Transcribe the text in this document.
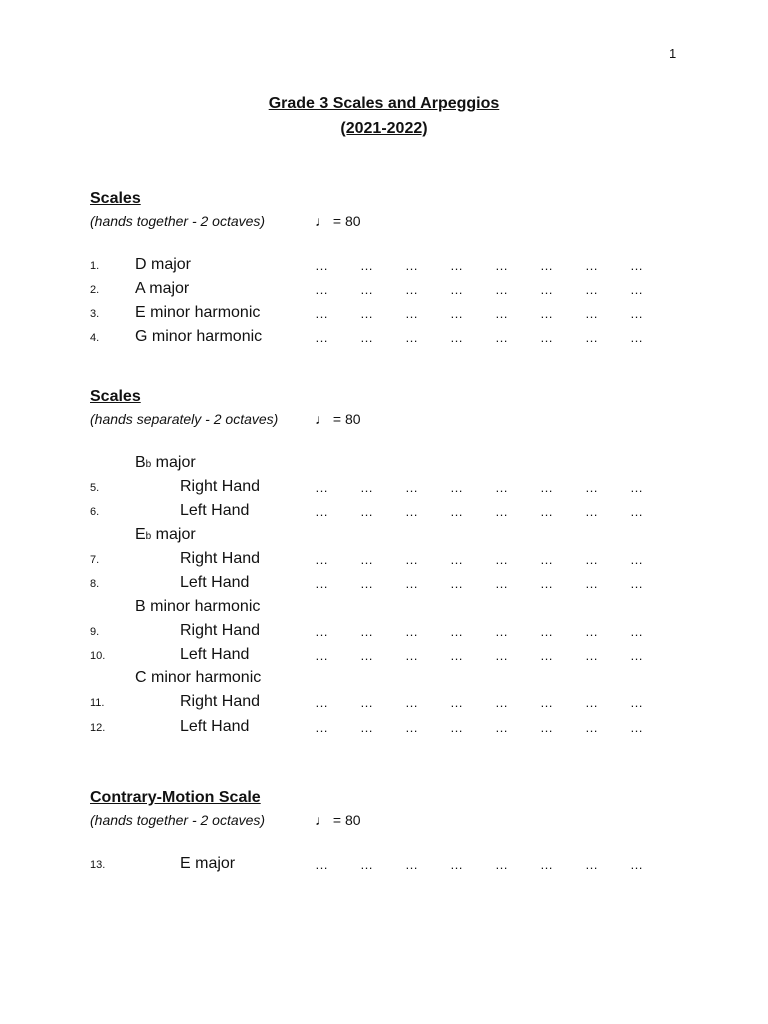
1
Grade 3 Scales and Arpeggios
(2021-2022)
Scales
(hands together - 2 octaves)	♩ = 80
1. D major	… … … … … … … …
2. A major	… … … … … … … …
3. E minor harmonic	… … … … … … … …
4. G minor harmonic	… … … … … … … …
Scales
(hands separately - 2 octaves)	♩ = 80
Bb major
5.	Right Hand	… … … … … … … …
6.	Left Hand	… … … … … … … …
Eb major
7.	Right Hand	… … … … … … … …
8.	Left Hand	… … … … … … … …
B minor harmonic
9.	Right Hand	… … … … … … … …
10.	Left Hand	… … … … … … … …
C minor harmonic
11.	Right Hand	… … … … … … … …
12.	Left Hand	… … … … … … … …
Contrary-Motion Scale
(hands together - 2 octaves)	♩ = 80
13.	E major	… … … … … … … …
